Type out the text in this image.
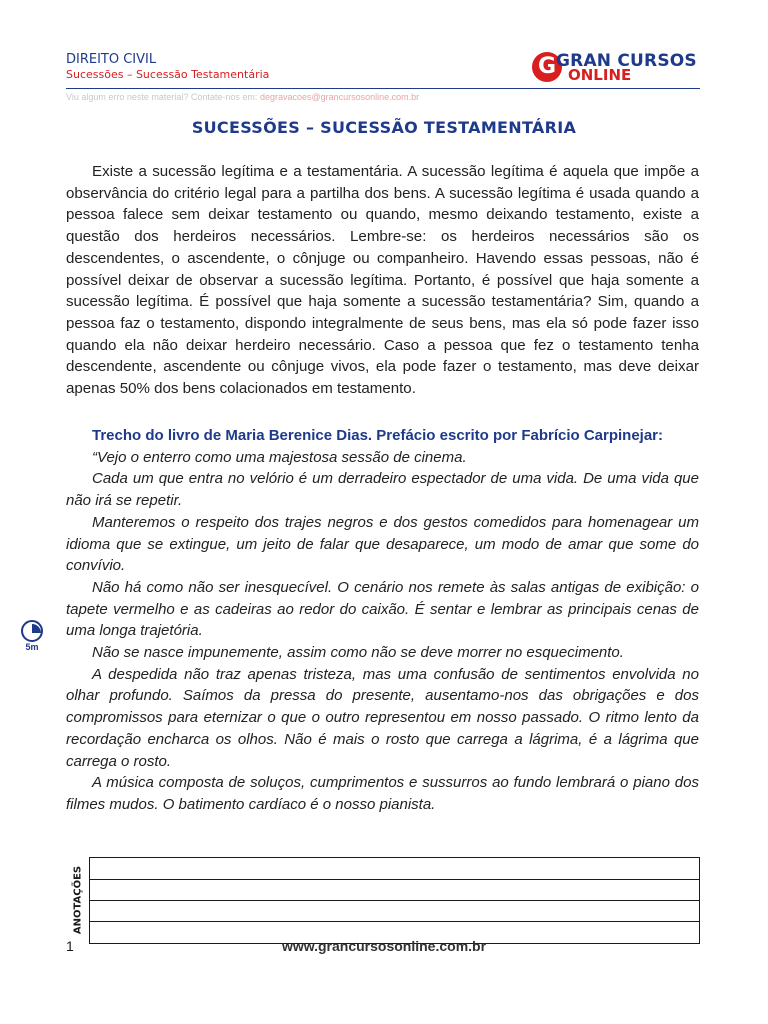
DIREITO CIVIL
Sucessões – Sucessão Testamentária	G GRAN CURSOS
ONLINE
Viu algum erro neste material? Contate-nos em: degravacoes@grancursosonline.com.br
SUCESSÕES – SUCESSÃO TESTAMENTÁRIA

Existe a sucessão legítima e a testamentária. A sucessão legítima é aquela que impõe a observância do critério legal para a partilha dos bens. A sucessão legítima é usada quando a pessoa falece sem deixar testamento ou quando, mesmo deixando testamento, existe a questão dos herdeiros necessários. Lembre-se: os herdeiros necessários são os descendentes, o ascendente, o cônjuge ou companheiro. Havendo essas pessoas, não é possível deixar de observar a sucessão legítima. Portanto, é possível que haja somente a sucessão legítima. É possível que haja somente a sucessão testamentária? Sim, quando a pessoa faz o testamento, dispondo integralmente de seus bens, mas ela só pode fazer isso quando ela não deixar herdeiro necessário. Caso a pessoa que fez o testamento tenha descendente, ascendente ou cônjuge vivos, ela pode fazer o testamento, mas deve deixar apenas 50% dos bens colacionados em testamento.

Trecho do livro de Maria Berenice Dias. Prefácio escrito por Fabrício Carpinejar:

“Vejo o enterro como uma majestosa sessão de cinema.

Cada um que entra no velório é um derradeiro espectador de uma vida. De uma vida que não irá se repetir.

Manteremos o respeito dos trajes negros e dos gestos comedidos para homenagear um idioma que se extingue, um jeito de falar que desaparece, um modo de amar que some do convívio.

Não há como não ser inesquecível. O cenário nos remete às salas antigas de exibição: o tapete vermelho e as cadeiras ao redor do caixão. É sentar e lembrar as principais cenas de uma longa trajetória.

Não se nasce impunemente, assim como não se deve morrer no esquecimento.

A despedida não traz apenas tristeza, mas uma confusão de sentimentos envolvida no olhar profundo. Saímos da pressa do presente, ausentamo-nos das obrigações e dos compromissos para eternizar o que o outro representou em nosso passado. O ritmo lento da recordação encharca os olhos. Não é mais o rosto que carrega a lágrima, é a lágrima que carrega o rosto.

A música composta de soluços, cumprimentos e sussurros ao fundo lembrará o piano dos filmes mudos. O batimento cardíaco é o nosso pianista.

5m
ANOTAÇÕES
1	www.grancursosonline.com.br
